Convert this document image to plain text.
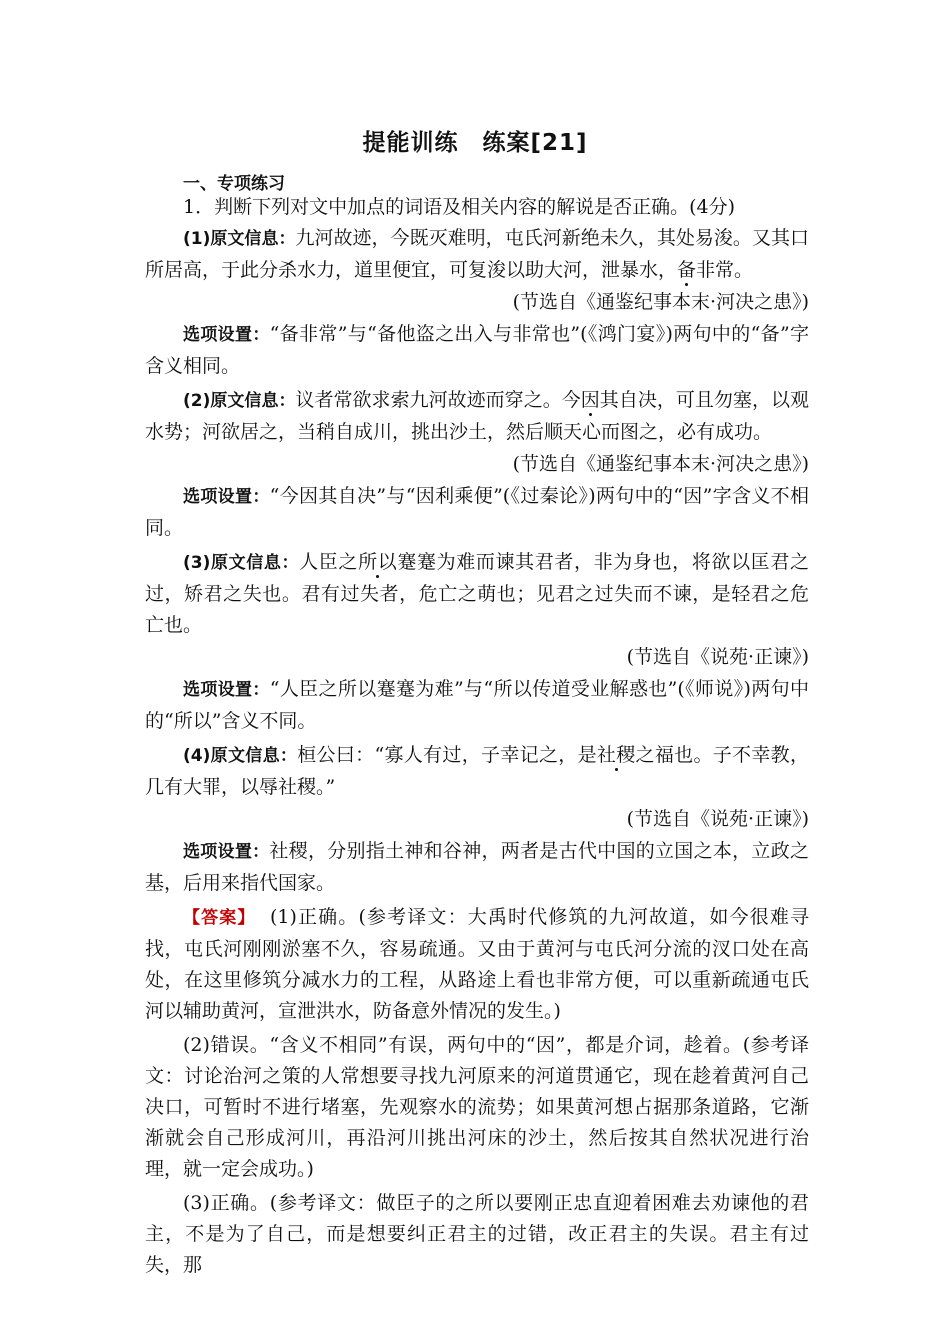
提能训练 练案[21]
一、专项练习

1．判断下列对文中加点的词语及相关内容的解说是否正确。(4分)

(1)原文信息：九河故迹，今既灭难明，屯氏河新绝未久，其处易浚。又其口所居高，于此分杀水力，道里便宜，可复浚以助大河，泄暴水，备非常。

(节选自《通鉴纪事本末·河决之患》)

选项设置：“备非常”与“备他盗之出入与非常也”(《鸿门宴》)两句中的“备”字含义相同。

(2)原文信息：议者常欲求索九河故迹而穿之。今因其自决，可且勿塞，以观水势；河欲居之，当稍自成川，挑出沙土，然后顺天心而图之，必有成功。

(节选自《通鉴纪事本末·河决之患》)

选项设置：“今因其自决”与“因利乘便”(《过秦论》)两句中的“因”字含义不相同。

(3)原文信息：人臣之所以蹇蹇为难而谏其君者，非为身也，将欲以匡君之过，矫君之失也。君有过失者，危亡之萌也；见君之过失而不谏，是轻君之危亡也。

(节选自《说苑·正谏》)

选项设置：“人臣之所以蹇蹇为难”与“所以传道受业解惑也”(《师说》)两句中的“所以”含义不同。

(4)原文信息：桓公曰：“寡人有过，子幸记之，是社稷之福也。子不幸教，几有大罪，以辱社稷。”

(节选自《说苑·正谏》)

选项设置：社稷，分别指土神和谷神，两者是古代中国的立国之本，立政之基，后用来指代国家。

【答案】 (1)正确。(参考译文：大禹时代修筑的九河故道，如今很难寻找，屯氏河刚刚淤塞不久，容易疏通。又由于黄河与屯氏河分流的汊口处在高处，在这里修筑分减水力的工程，从路途上看也非常方便，可以重新疏通屯氏河以辅助黄河，宣泄洪水，防备意外情况的发生。)

(2)错误。“含义不相同”有误，两句中的“因”，都是介词，趁着。(参考译文：讨论治河之策的人常想要寻找九河原来的河道贯通它，现在趁着黄河自己决口，可暂时不进行堵塞，先观察水的流势；如果黄河想占据那条道路，它渐渐就会自己形成河川，再沿河川挑出河床的沙土，然后按其自然状况进行治理，就一定会成功。)

(3)正确。(参考译文：做臣子的之所以要刚正忠直迎着困难去劝谏他的君主，不是为了自己，而是想要纠正君主的过错，改正君主的失误。君主有过失，那
